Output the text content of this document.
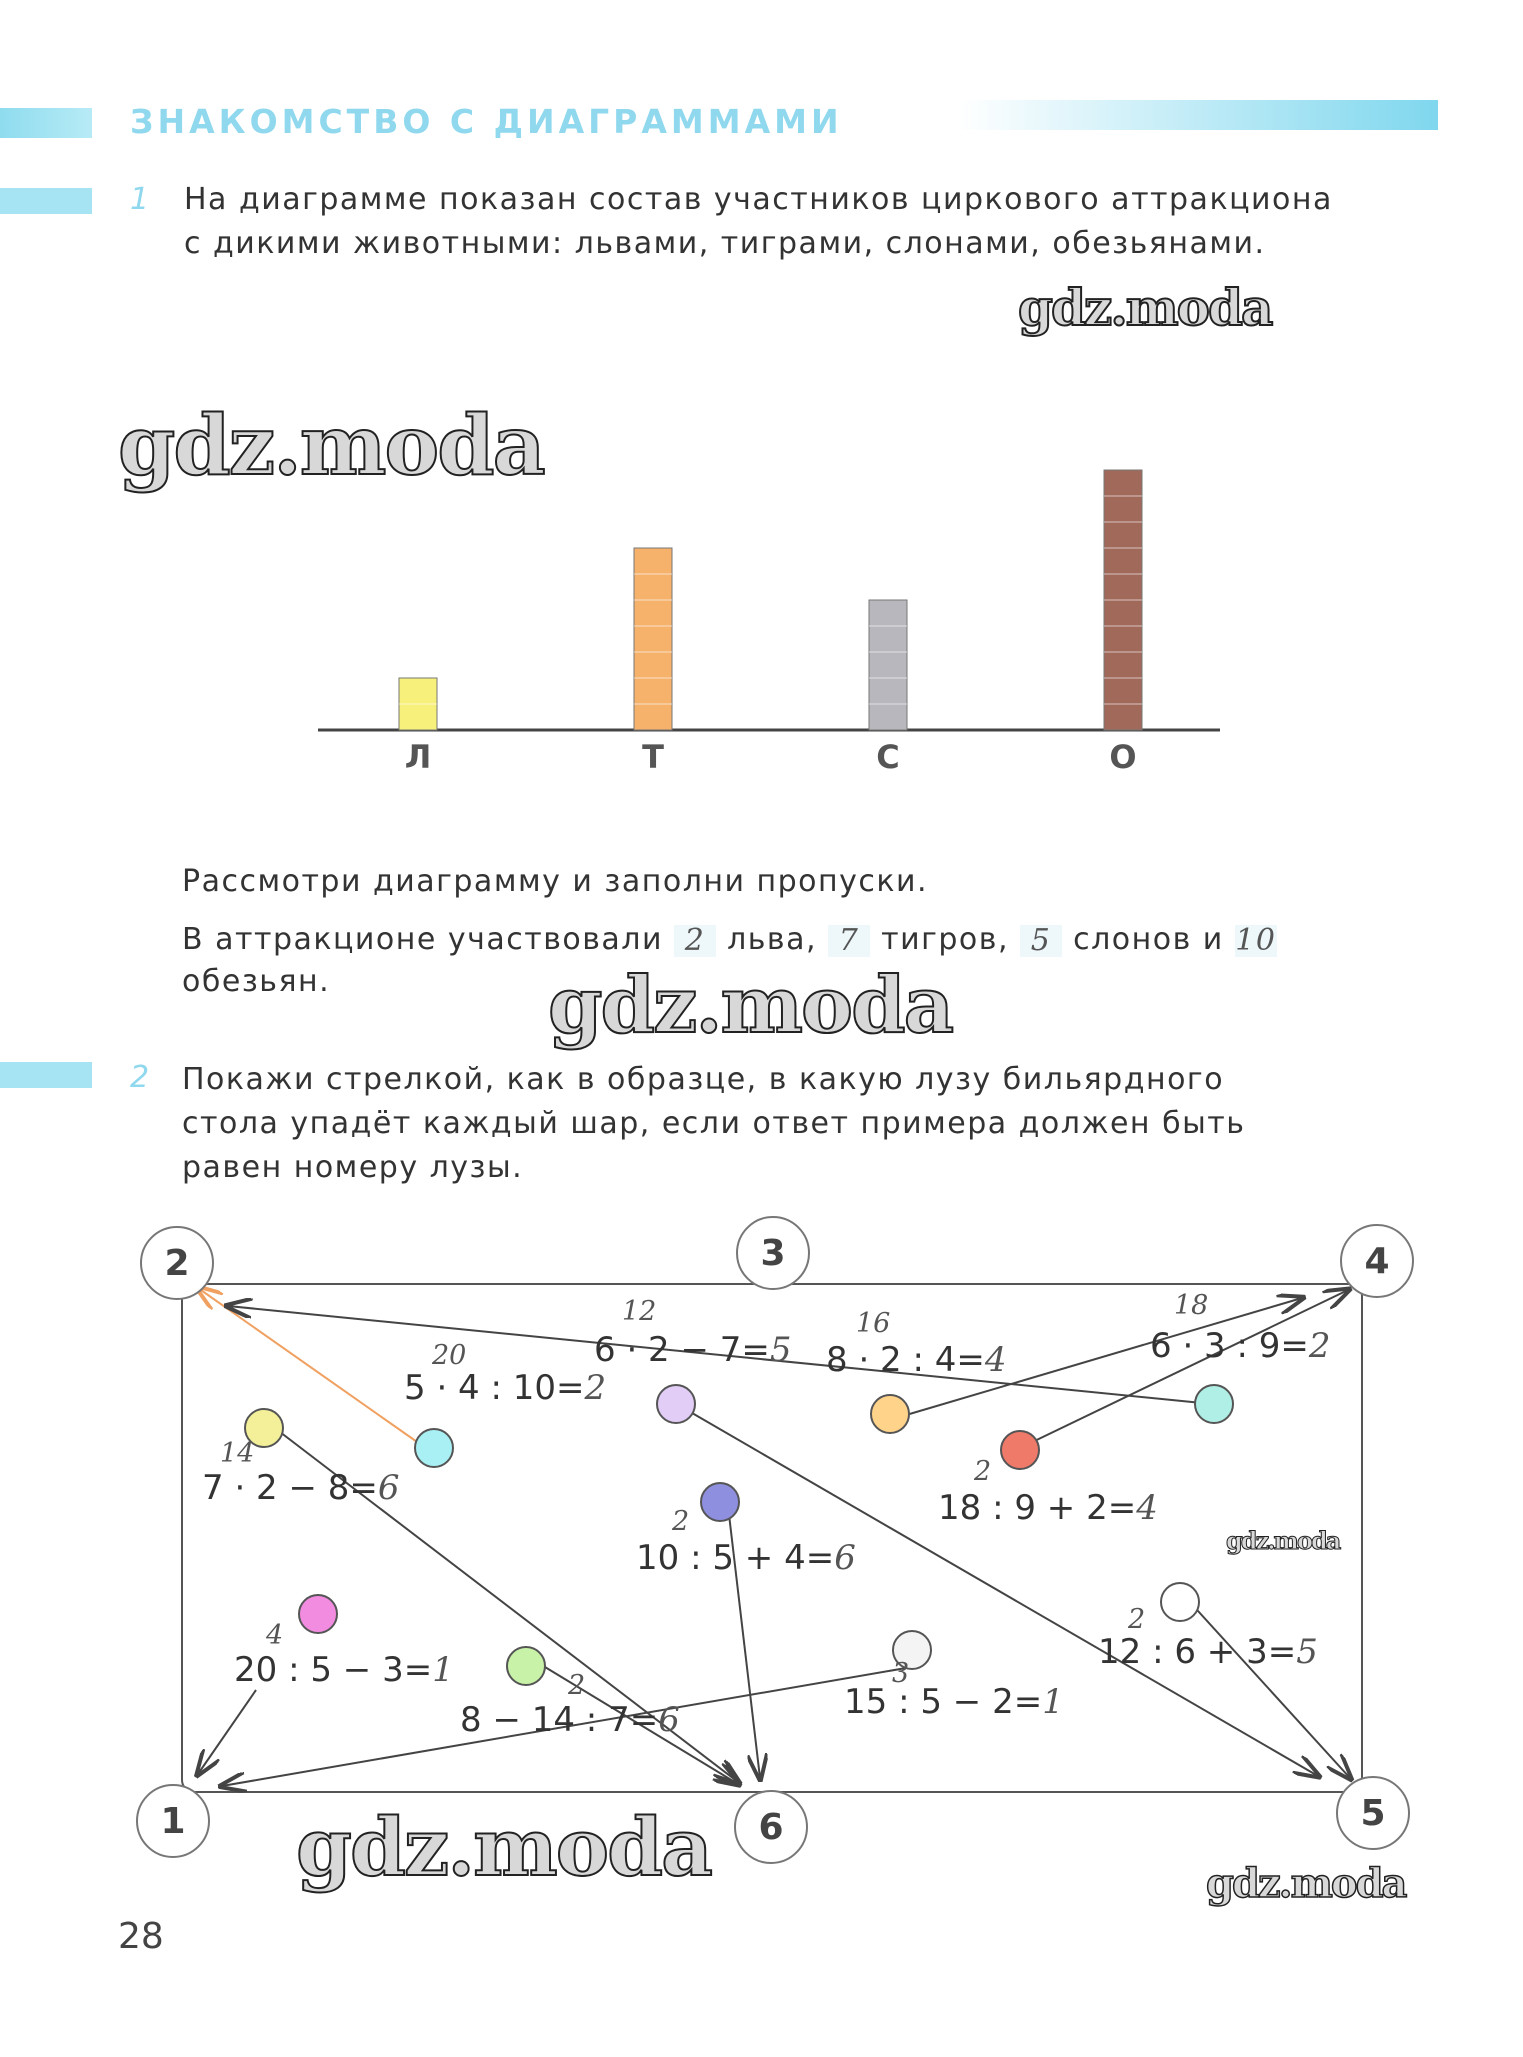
ЗНАКОМСТВО С ДИАГРАММАМИ
1 На диаграмме показан состав участников циркового аттракциона
с дикими животными: львами, тиграми, слонами, обезьянами.
Л	Т	С	О
Рассмотри диаграмму и заполни пропуски.
В аттракционе участвовали 2 льва, 7 тигров, 5 слонов и 10
обезьян.
2 Покажи стрелкой, как в образце, в какую лузу бильярдного
стола упадёт каждый шар, если ответ примера должен быть
равен номеру лузы.
2	3	4
1	6	5
5 · 4 : 10=2
20	6 · 2 − 7=5
12
8 · 2 : 4=4
16
6 · 3 : 9=2
18
7 · 2 − 8=6
14
18 : 9 + 2=4
2
10 : 5 + 4=6
2
20 : 5 − 3=1
4
8 − 14 : 7=6
2	15 : 5 − 2=1
3
12 : 6 + 3=5
2
gdz.moda
gdz.moda
gdz.moda
gdz.moda
gdz.moda	gdz.moda
28
